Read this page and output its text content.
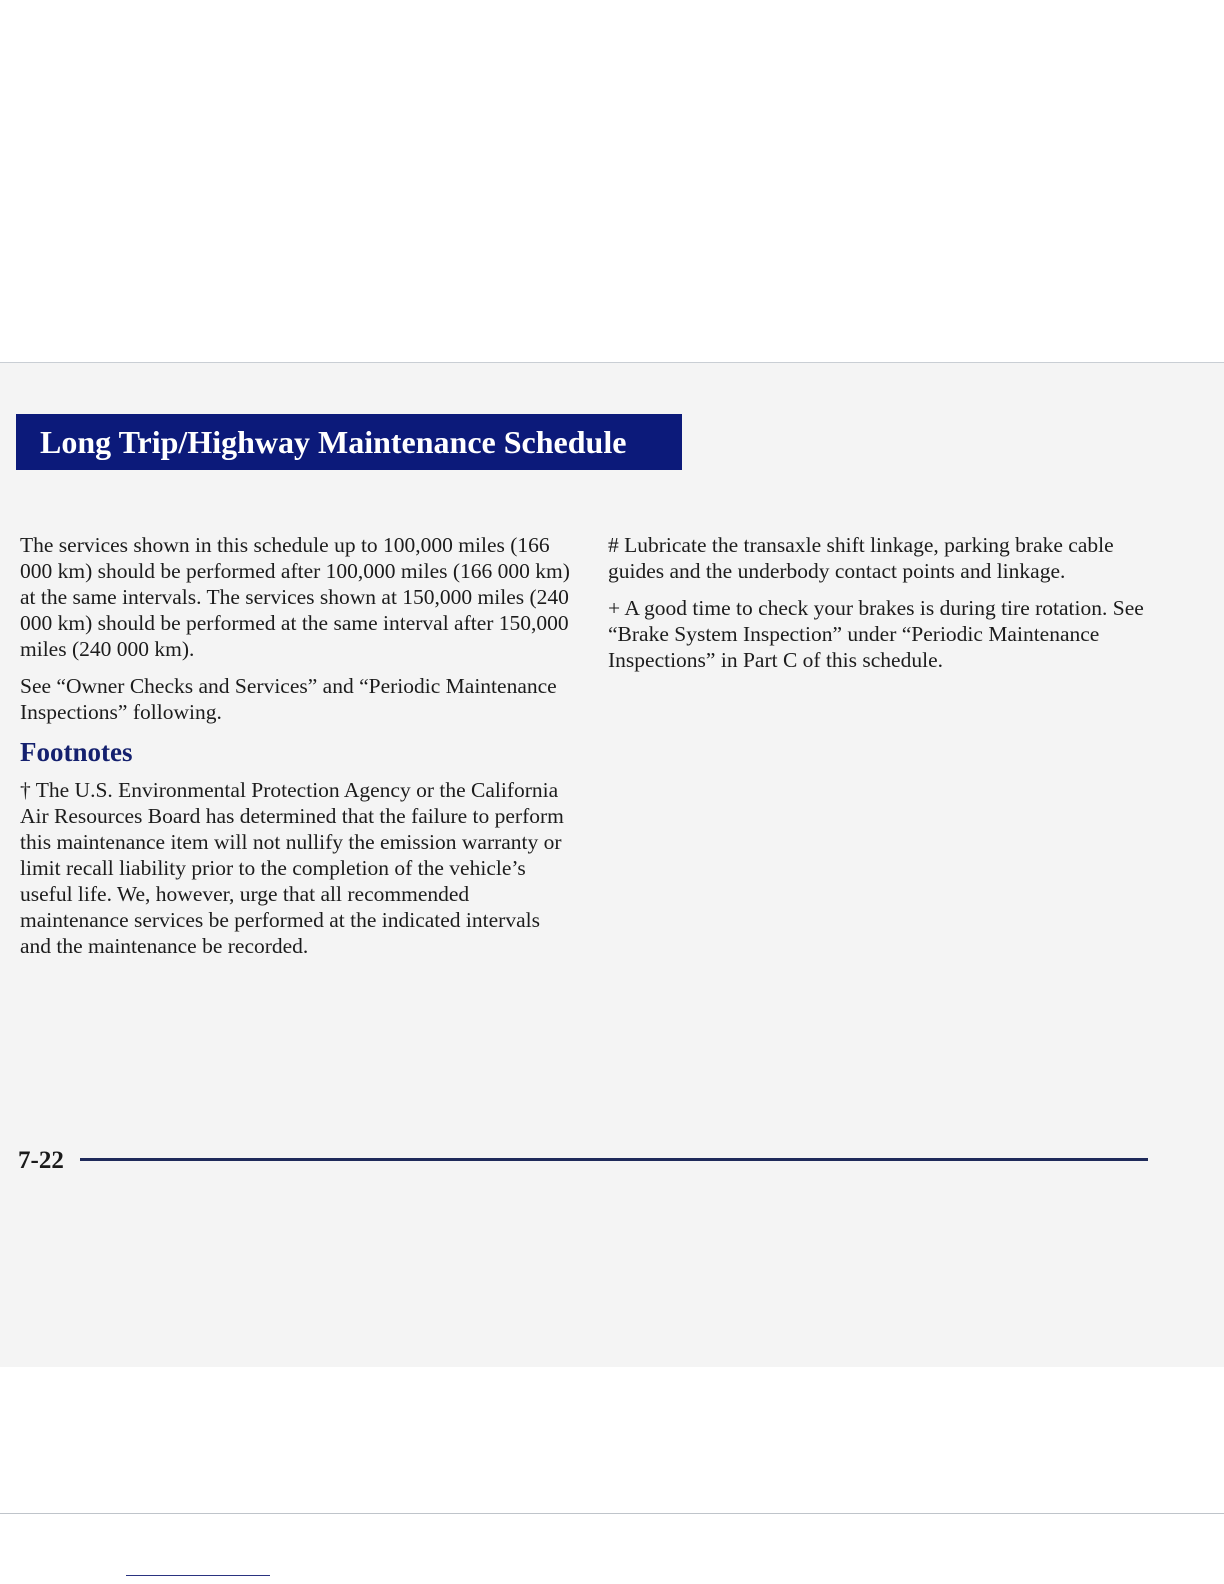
Long Trip/Highway Maintenance Schedule

The services shown in this schedule up to 100,000 miles (166 000 km) should be performed after 100,000 miles (166 000 km) at the same intervals. The services shown at 150,000 miles (240 000 km) should be performed at the same interval after 150,000 miles (240 000 km).

See “Owner Checks and Services” and “Periodic Maintenance Inspections” following.

Footnotes

† The U.S. Environmental Protection Agency or the California Air Resources Board has determined that the failure to perform this maintenance item will not nullify the emission warranty or limit recall liability prior to the completion of the vehicle’s useful life. We, however, urge that all recommended maintenance services be performed at the indicated intervals and the maintenance be recorded.

# Lubricate the transaxle shift linkage, parking brake cable guides and the underbody contact points and linkage.

+ A good time to check your brakes is during tire rotation. See “Brake System Inspection” under “Periodic Maintenance Inspections” in Part C of this schedule.

7-22
